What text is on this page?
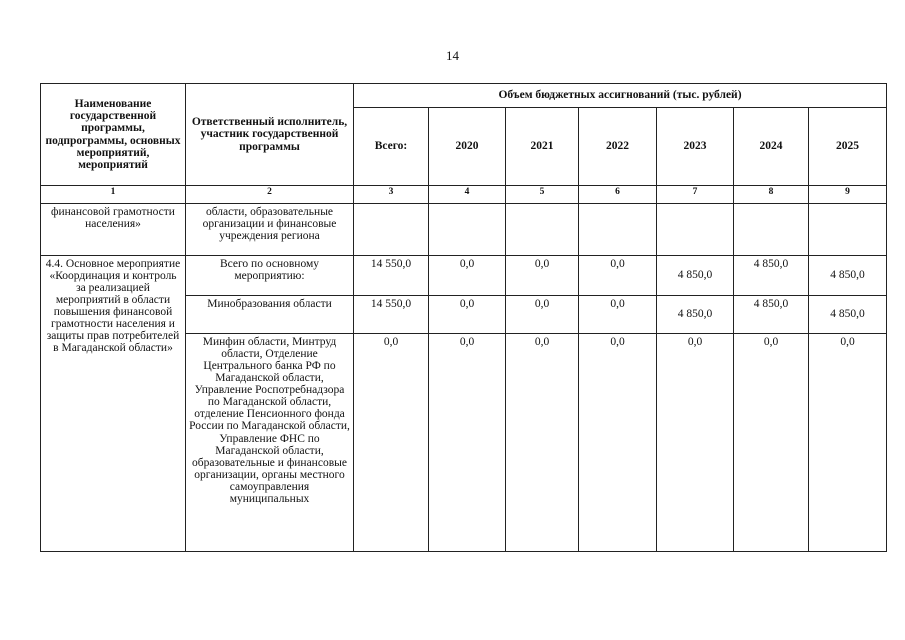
14
Наименование государственной программы, подпрограммы, основных мероприятий, мероприятий	Ответственный исполнитель, участник государственной программы	Объем бюджетных ассигнований (тыс. рублей)						
		Всего:	2020	2021	2022	2023	2024	2025
1	2	3	4	5	6	7	8	9
финансовой грамотности населения»	области, образовательные организации и финансовые учреждения региона							
4.4. Основное мероприятие «Координация и контроль за реализацией мероприятий в области повышения финансовой грамотности населения и защиты прав потребителей в Магаданской области»	Всего по основному мероприятию:	14 550,0	0,0	0,0	0,0	4 850,0	4 850,0	4 850,0
	Минобразования области	14 550,0	0,0	0,0	0,0	4 850,0	4 850,0	4 850,0
	Минфин области, Минтруд области, Отделение Центрального банка РФ по Магаданской области, Управление Роспотребнадзора по Магаданской области, отделение Пенсионного фонда России по Магаданской области, Управление ФНС по Магаданской области, образовательные и финансовые организации, органы местного самоуправления муниципальных	0,0	0,0	0,0	0,0	0,0	0,0	0,0
